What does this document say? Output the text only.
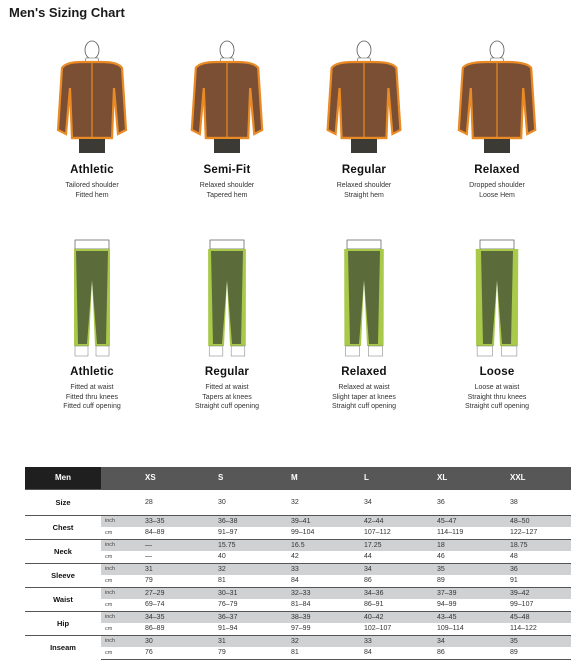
Men's Sizing Chart
Athletic
Tailored shoulder
Fitted hem
Semi-Fit
Relaxed shoulder
Tapered hem
Regular
Relaxed shoulder
Straight hem
Relaxed
Dropped shoulder
Loose Hem
Athletic
Fitted at waist
Fitted thru knees
Fitted cuff opening
Regular
Fitted at waist
Tapers at knees
Straight cuff opening
Relaxed
Relaxed at waist
Slight taper at knees
Straight cuff opening
Loose
Loose at waist
Straight thru knees
Straight cuff opening
Men		XS	S	M	L	XL	XXL
Size		28	30	32	34	36	38
Chest	inch	33–35	36–38	39–41	42–44	45–47	48–50
	cm	84–89	91–97	99–104	107–112	114–119	122–127
Neck	inch	—	15.75	16.5	17.25	18	18.75
	cm	—	40	42	44	46	48
Sleeve	inch	31	32	33	34	35	36
	cm	79	81	84	86	89	91
Waist	inch	27–29	30–31	32–33	34–36	37–39	39–42
	cm	69–74	76–79	81–84	86–91	94–99	99–107
Hip	inch	34–35	36–37	38–39	40–42	43–45	45–48
	cm	86–89	91–94	97–99	102–107	109–114	114–122
Inseam	inch	30	31	32	33	34	35
	cm	76	79	81	84	86	89
